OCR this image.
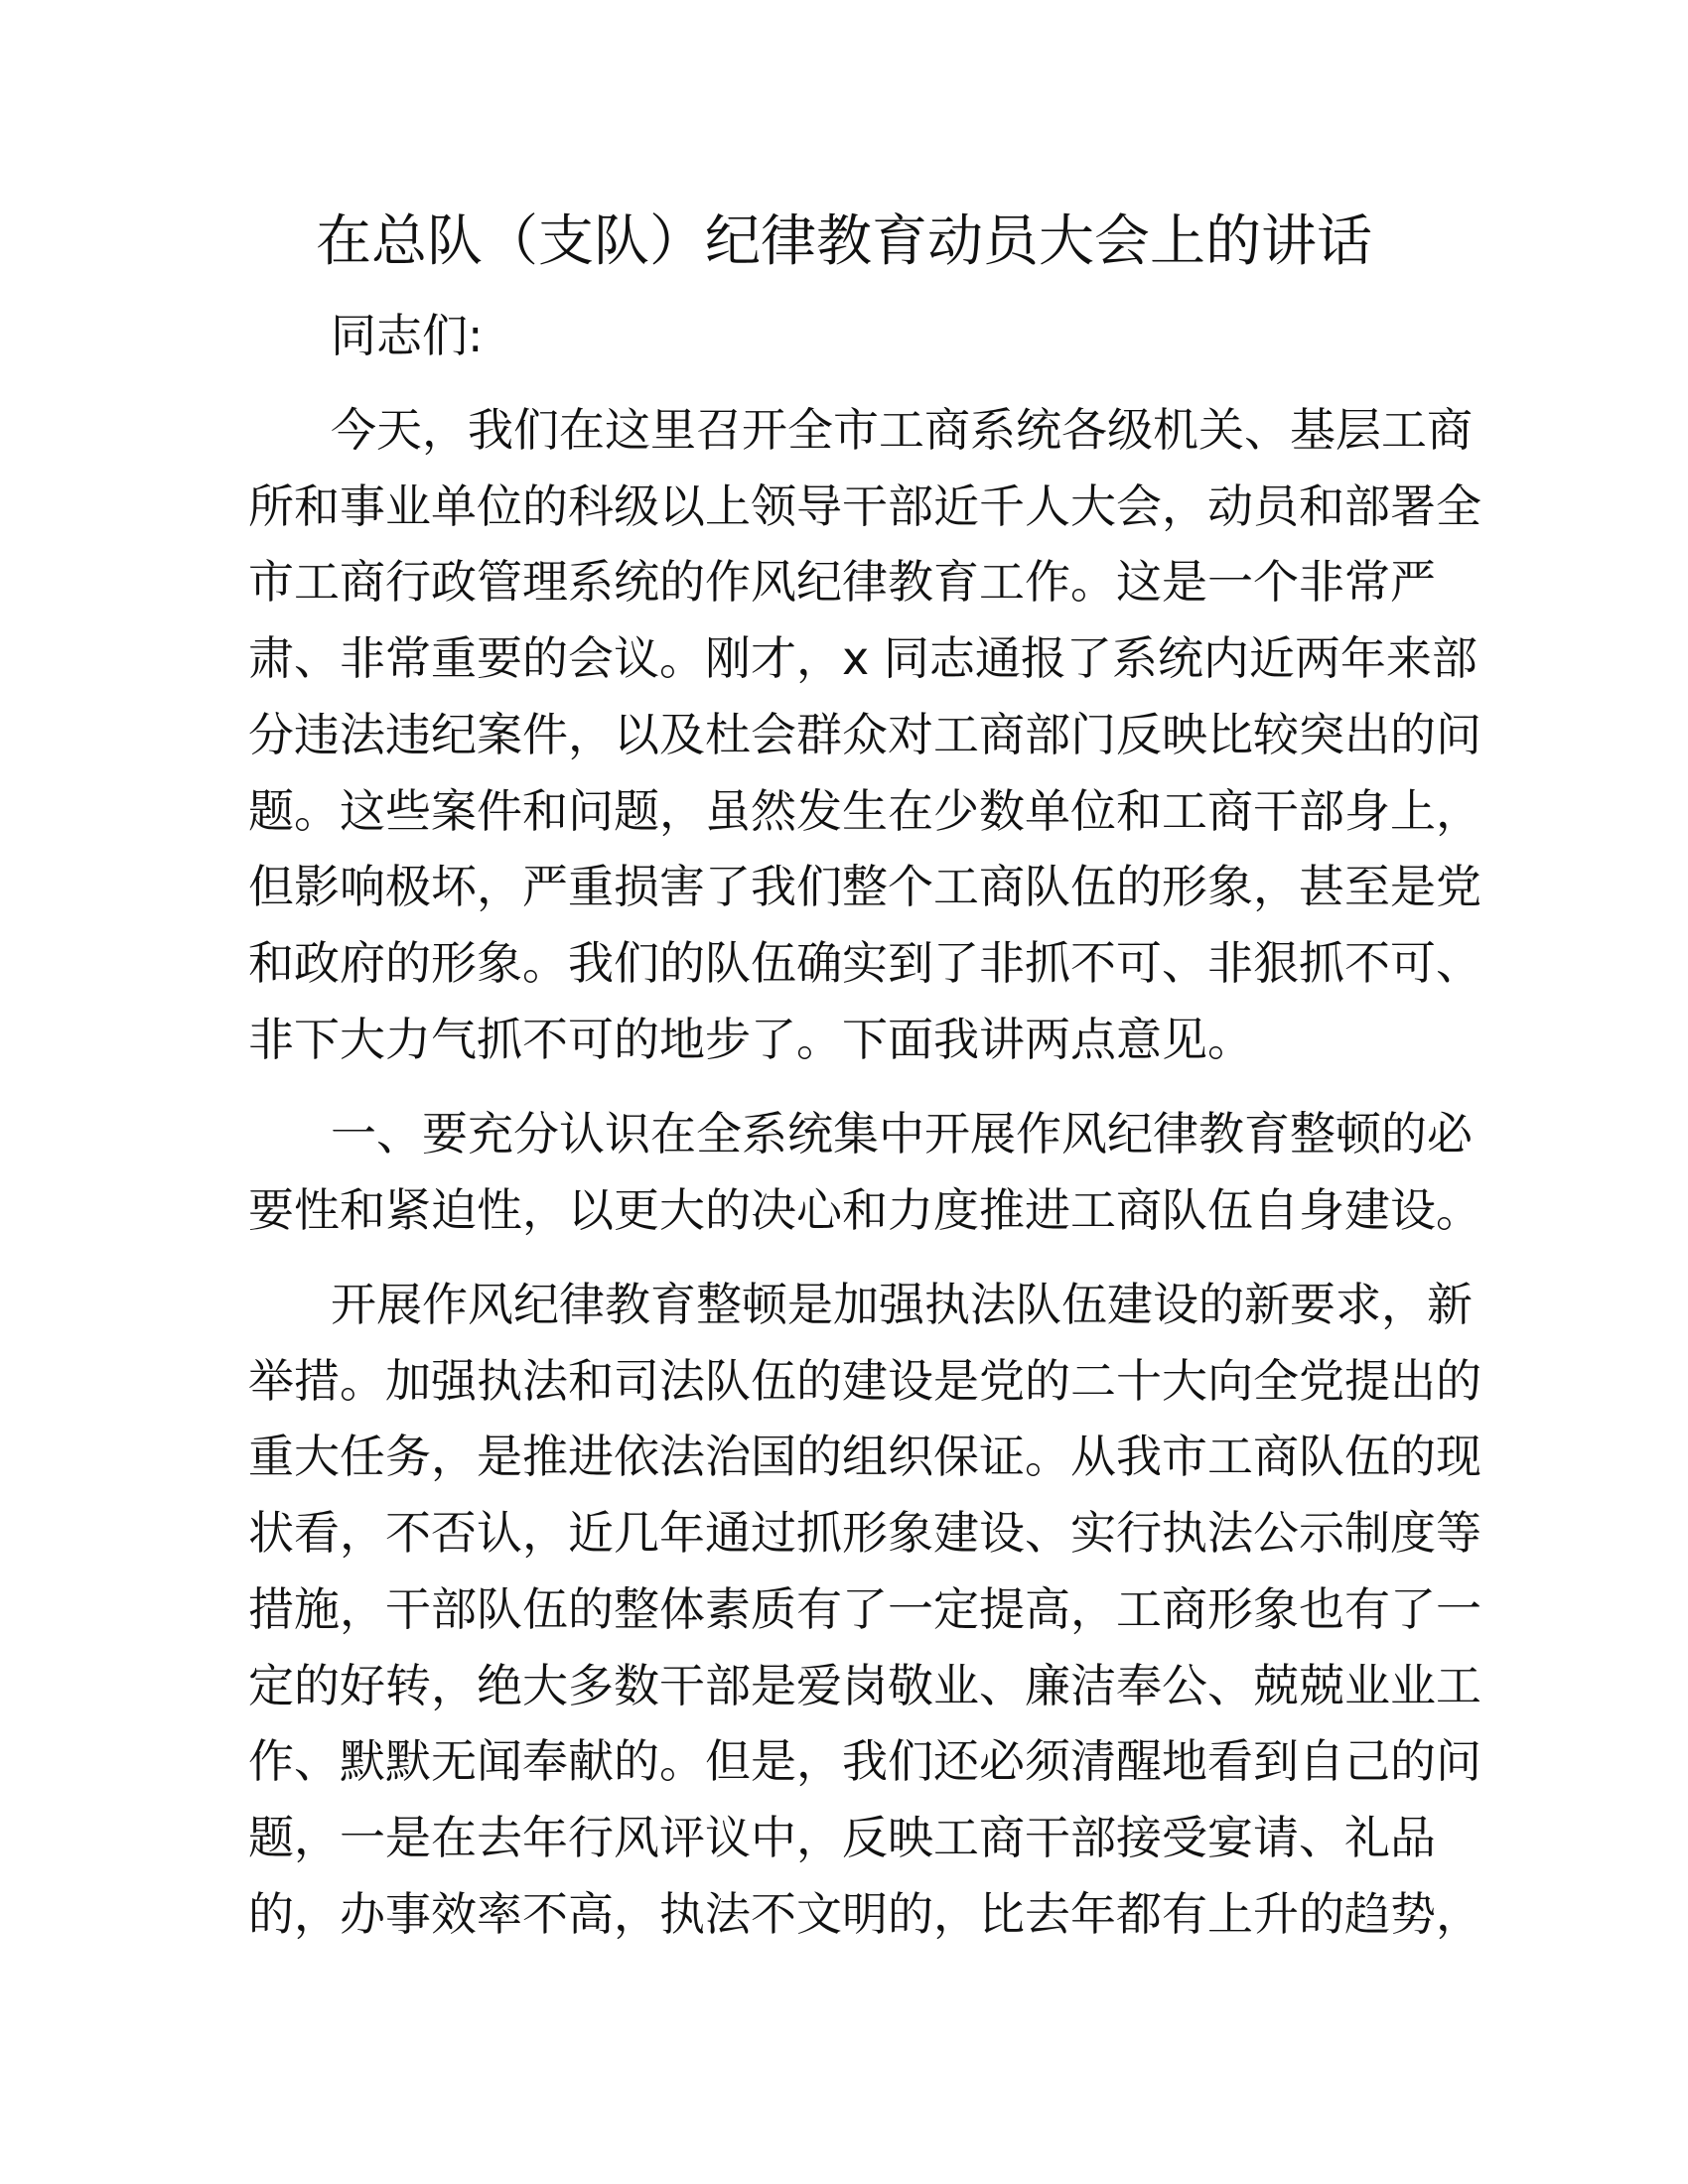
在总队（支队）纪律教育动员大会上的讲话
同志们:
今天，我们在这里召开全市工商系统各级机关、基层工商
所和事业单位的科级以上领导干部近千人大会，动员和部署全
市工商行政管理系统的作风纪律教育工作。这是一个非常严
肃、非常重要的会议。刚才，x 同志通报了系统内近两年来部
分违法违纪案件，以及杜会群众对工商部门反映比较突出的问
题。这些案件和问题，虽然发生在少数单位和工商干部身上，
但影响极坏，严重损害了我们整个工商队伍的形象，甚至是党
和政府的形象。我们的队伍确实到了非抓不可、非狠抓不可、
非下大力气抓不可的地步了。下面我讲两点意见。
一、要充分认识在全系统集中开展作风纪律教育整顿的必
要性和紧迫性，以更大的决心和力度推进工商队伍自身建设。
开展作风纪律教育整顿是加强执法队伍建设的新要求，新
举措。加强执法和司法队伍的建设是党的二十大向全党提出的
重大任务，是推进依法治国的组织保证。从我市工商队伍的现
状看，不否认，近几年通过抓形象建设、实行执法公示制度等
措施，干部队伍的整体素质有了一定提高，工商形象也有了一
定的好转，绝大多数干部是爱岗敬业、廉洁奉公、兢兢业业工
作、默默无闻奉献的。但是，我们还必须清醒地看到自己的问
题，一是在去年行风评议中，反映工商干部接受宴请、礼品
的，办事效率不高，执法不文明的，比去年都有上升的趋势，
